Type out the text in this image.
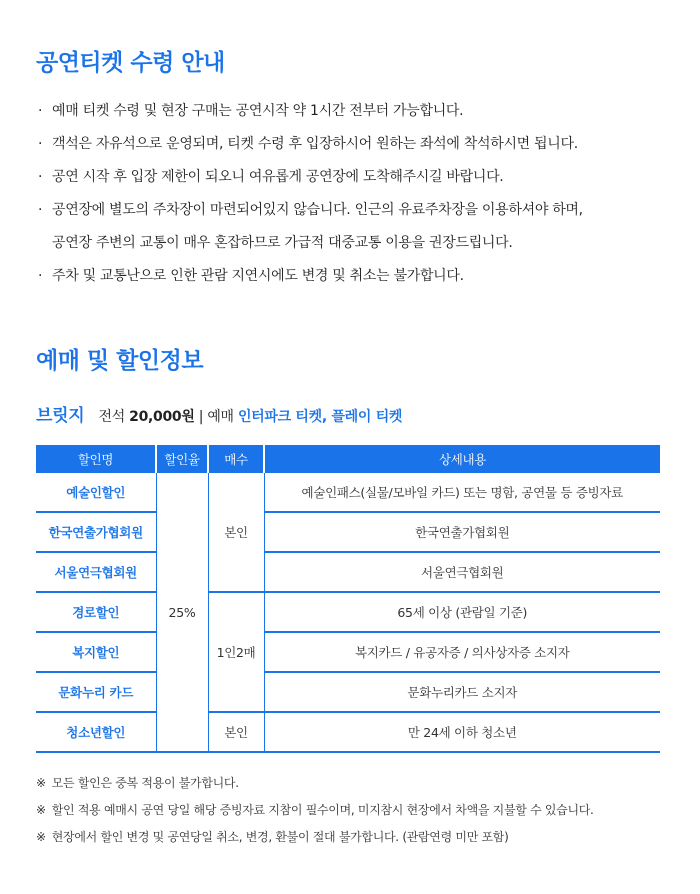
공연티켓 수령 안내
· 예매 티켓 수령 및 현장 구매는 공연시작 약 1시간 전부터 가능합니다.
· 객석은 자유석으로 운영되며, 티켓 수령 후 입장하시어 원하는 좌석에 착석하시면 됩니다.
· 공연 시작 후 입장 제한이 되오니 여유롭게 공연장에 도착해주시길 바랍니다.
· 공연장에 별도의 주차장이 마련되어있지 않습니다. 인근의 유료주차장을 이용하셔야 하며,
공연장 주변의 교통이 매우 혼잡하므로 가급적 대중교통 이용을 권장드립니다.
· 주차 및 교통난으로 인한 관람 지연시에도 변경 및 취소는 불가합니다.
예매 및 할인정보
브릿지 전석 20,000원 | 예매 인터파크 티켓, 플레이 티켓
할인명	할인율	매수	상세내용
예술인할인	25%	본인	예술인패스(실물/모바일 카드) 또는 명함, 공연물 등 증빙자료
한국연출가협회원			한국연출가협회원
서울연극협회원			서울연극협회원
경로할인		1인2매	65세 이상 (관람일 기준)
복지할인			복지카드 / 유공자증 / 의사상자증 소지자
문화누리 카드			문화누리카드 소지자
청소년할인		본인	만 24세 이하 청소년
※ 모든 할인은 중복 적용이 불가합니다.
※ 할인 적용 예매시 공연 당일 해당 증빙자료 지참이 필수이며, 미지참시 현장에서 차액을 지불할 수 있습니다.
※ 현장에서 할인 변경 및 공연당일 취소, 변경, 환불이 절대 불가합니다. (관람연령 미만 포함)
